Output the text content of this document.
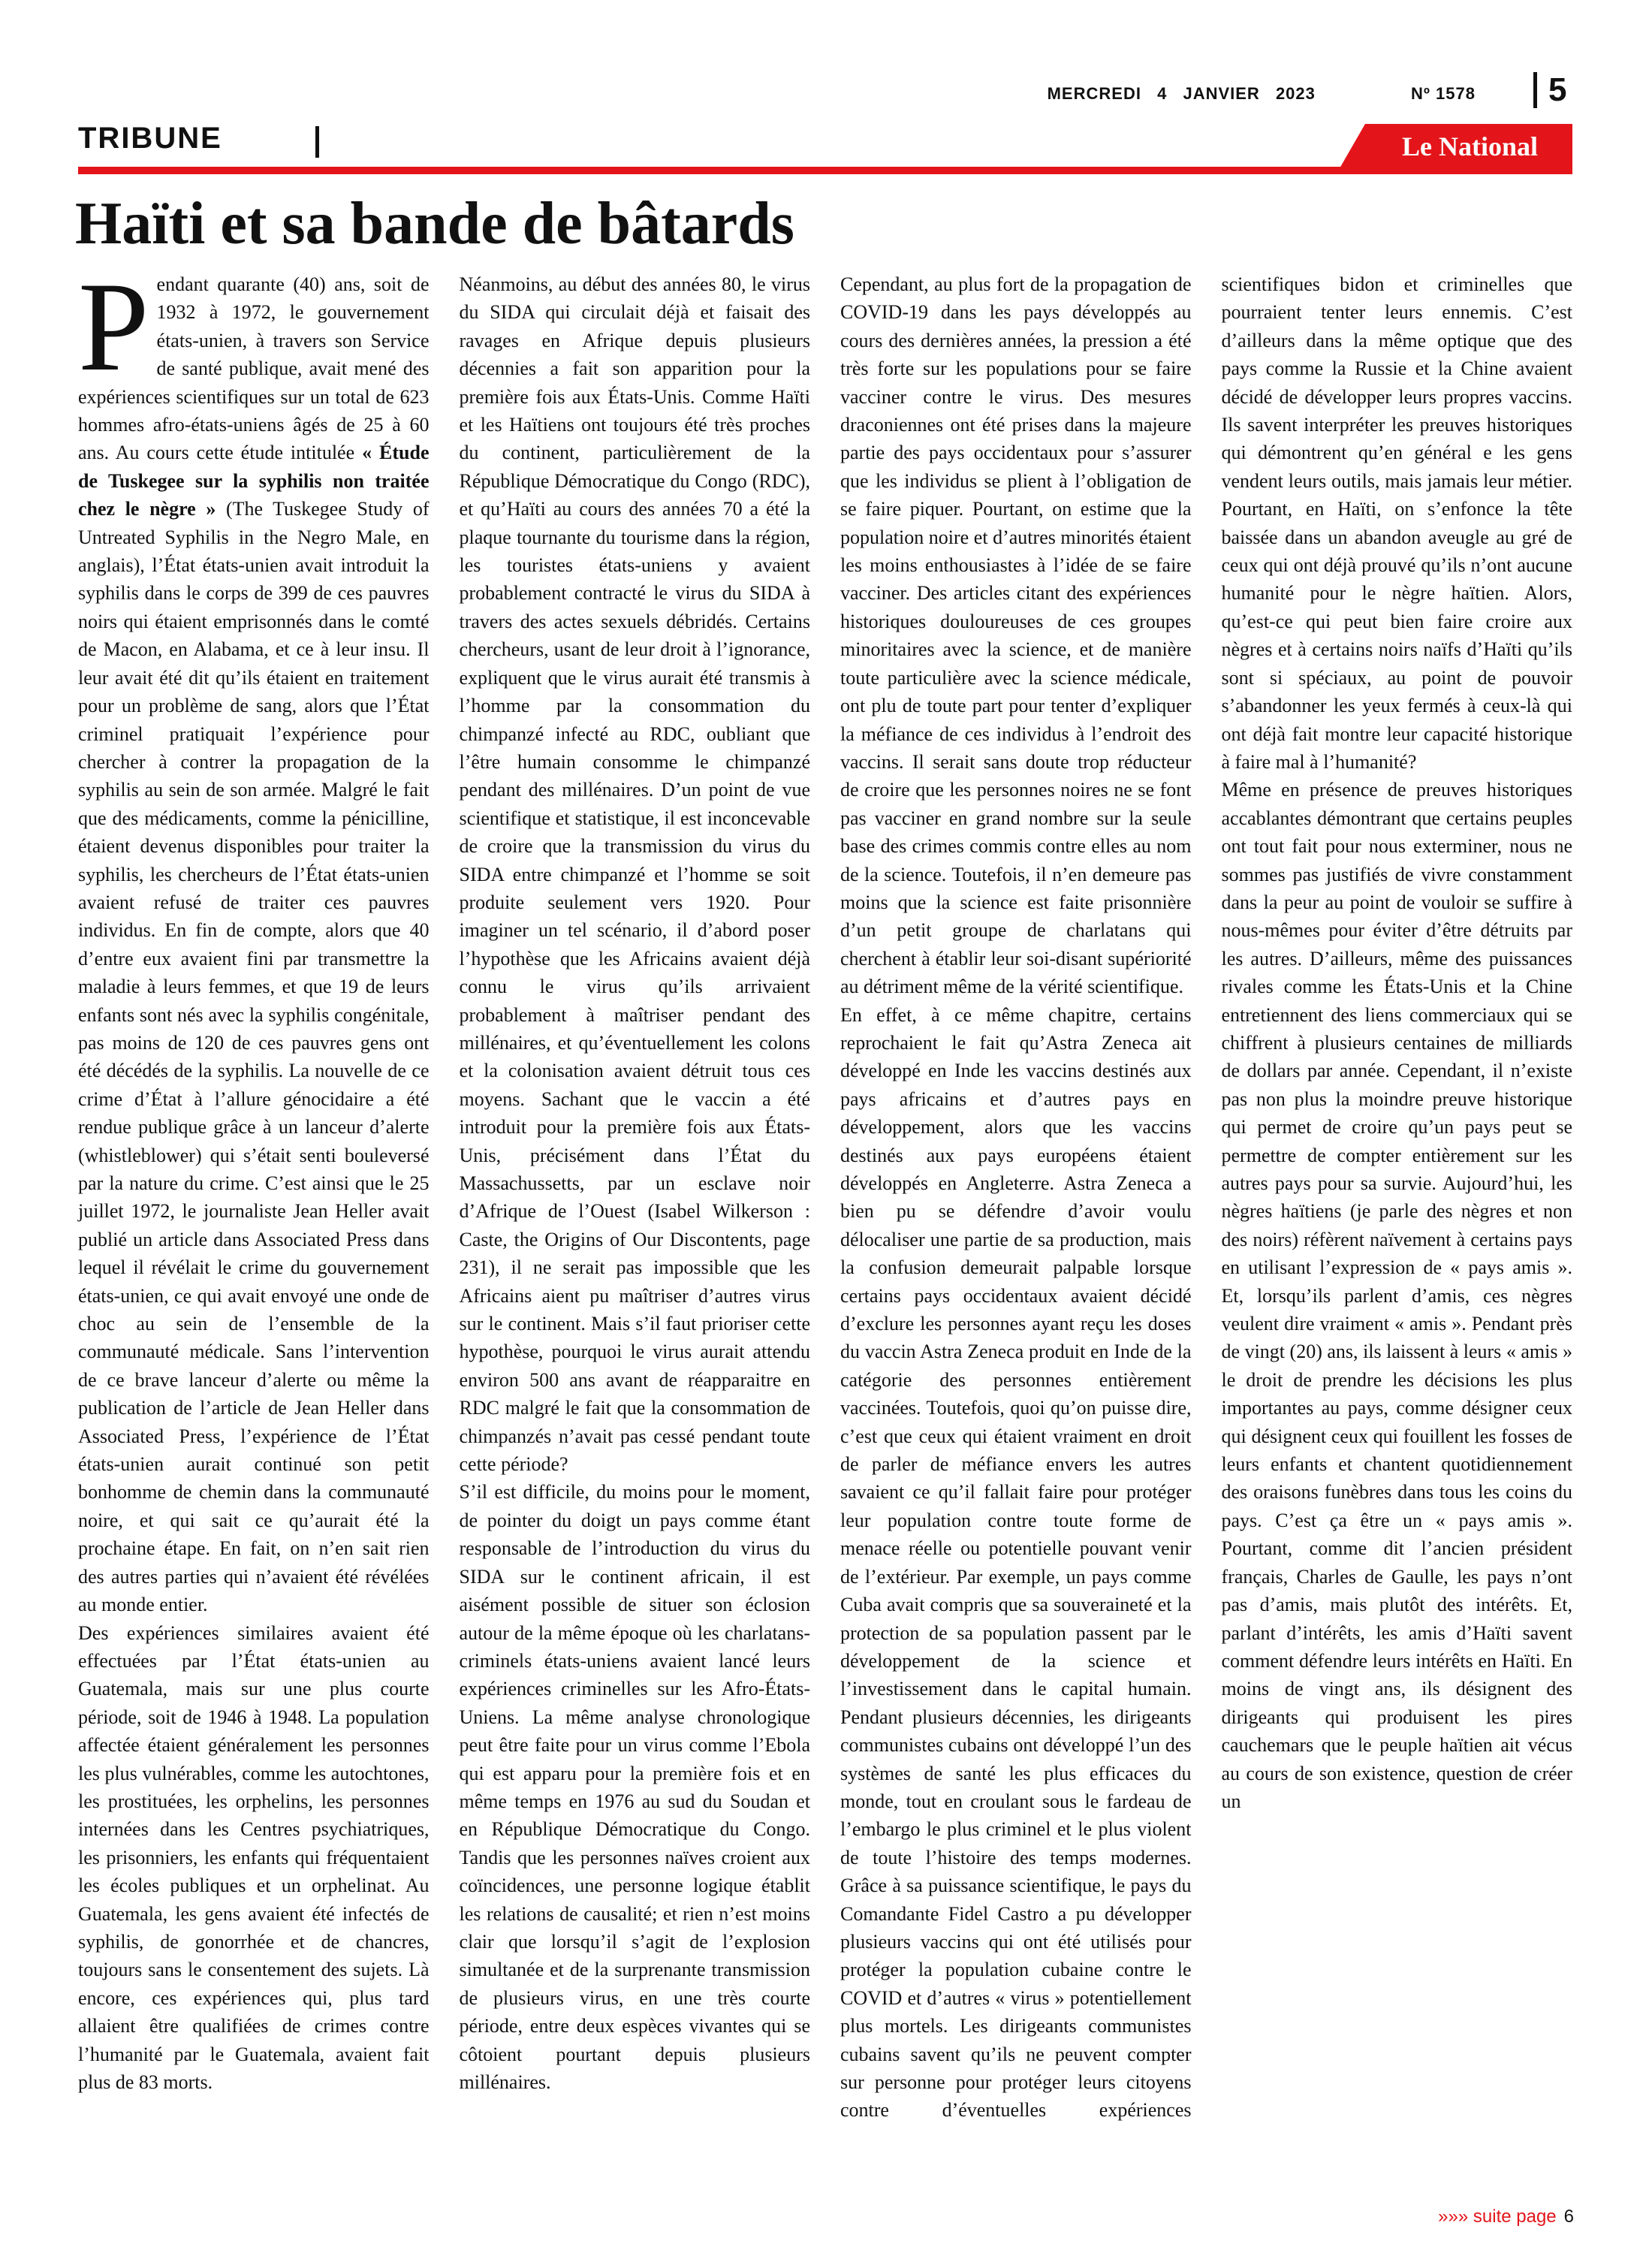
MERCREDI 4 JANVIER 2023	Nº 1578 5
TRIBUNE	Le National
Haïti et sa bande de bâtards

Pendant quarante (40) ans, soit de 1932 à 1972, le gouvernement états-unien, à travers son Service de santé publique, avait mené des expériences scientifiques sur un total de 623 hommes afro-états-uniens âgés de 25 à 60 ans. Au cours cette étude intitulée « Étude de Tuskegee sur la syphilis non traitée chez le nègre » (The Tuskegee Study of Untreated Syphilis in the Negro Male, en anglais), l’État états-unien avait introduit la syphilis dans le corps de 399 de ces pauvres noirs qui étaient emprisonnés dans le comté de Macon, en Alabama, et ce à leur insu. Il leur avait été dit qu’ils étaient en traitement pour un problème de sang, alors que l’État criminel pratiquait l’expérience pour chercher à contrer la propagation de la syphilis au sein de son armée. Malgré le fait que des médicaments, comme la pénicilline, étaient devenus disponibles pour traiter la syphilis, les chercheurs de l’État états-unien avaient refusé de traiter ces pauvres individus. En fin de compte, alors que 40 d’entre eux avaient fini par transmettre la maladie à leurs femmes, et que 19 de leurs enfants sont nés avec la syphilis congénitale, pas moins de 120 de ces pauvres gens ont été décédés de la syphilis. La nouvelle de ce crime d’État à l’allure génocidaire a été rendue publique grâce à un lanceur d’alerte (whistleblower) qui s’était senti bouleversé par la nature du crime. C’est ainsi que le 25 juillet 1972, le journaliste Jean Heller avait publié un article dans Associated Press dans lequel il révélait le crime du gouvernement états-unien, ce qui avait envoyé une onde de choc au sein de l’ensemble de la communauté médicale. Sans l’intervention de ce brave lanceur d’alerte ou même la publication de l’article de Jean Heller dans Associated Press, l’expérience de l’État états-unien aurait continué son petit bonhomme de chemin dans la communauté noire, et qui sait ce qu’aurait été la prochaine étape. En fait, on n’en sait rien des autres parties qui n’avaient été révélées au monde entier.

Des expériences similaires avaient été effectuées par l’État états-unien au Guatemala, mais sur une plus courte période, soit de 1946 à 1948. La population affectée étaient généralement les personnes les plus vulnérables, comme les autochtones, les prostituées, les orphelins, les personnes internées dans les Centres psychiatriques, les prisonniers, les enfants qui fréquentaient les écoles publiques et un orphelinat. Au Guatemala, les gens avaient été infectés de syphilis, de gonorrhée et de chancres, toujours sans le consentement des sujets. Là encore, ces expériences qui, plus tard allaient être qualifiées de crimes contre l’humanité par le Guatemala, avaient fait plus de 83 morts.

Néanmoins, au début des années 80, le virus du SIDA qui circulait déjà et faisait des ravages en Afrique depuis plusieurs décennies a fait son apparition pour la première fois aux États-Unis. Comme Haïti et les Haïtiens ont toujours été très proches du continent, particulièrement de la République Démocratique du Congo (RDC), et qu’Haïti au cours des années 70 a été la plaque tournante du tourisme dans la région, les touristes états-uniens y avaient probablement contracté le virus du SIDA à travers des actes sexuels débridés. Certains chercheurs, usant de leur droit à l’ignorance, expliquent que le virus aurait été transmis à l’homme par la consommation du chimpanzé infecté au RDC, oubliant que l’être humain consomme le chimpanzé pendant des millénaires. D’un point de vue scientifique et statistique, il est inconcevable de croire que la transmission du virus du SIDA entre chimpanzé et l’homme se soit produite seulement vers 1920. Pour imaginer un tel scénario, il d’abord poser l’hypothèse que les Africains avaient déjà connu le virus qu’ils arrivaient probablement à maîtriser pendant des millénaires, et qu’éventuellement les colons et la colonisation avaient détruit tous ces moyens. Sachant que le vaccin a été introduit pour la première fois aux États-Unis, précisément dans l’État du Massachussetts, par un esclave noir d’Afrique de l’Ouest (Isabel Wilkerson : Caste, the Origins of Our Discontents, page 231), il ne serait pas impossible que les Africains aient pu maîtriser d’autres virus sur le continent. Mais s’il faut prioriser cette hypothèse, pourquoi le virus aurait attendu environ 500 ans avant de réapparaitre en RDC malgré le fait que la consommation de chimpanzés n’avait pas cessé pendant toute cette période?

S’il est difficile, du moins pour le moment, de pointer du doigt un pays comme étant responsable de l’introduction du virus du SIDA sur le continent africain, il est aisément possible de situer son éclosion autour de la même époque où les charlatans-criminels états-uniens avaient lancé leurs expériences criminelles sur les Afro-États-Uniens. La même analyse chronologique peut être faite pour un virus comme l’Ebola qui est apparu pour la première fois et en même temps en 1976 au sud du Soudan et en République Démocratique du Congo. Tandis que les personnes naïves croient aux coïncidences, une personne logique établit les relations de causalité; et rien n’est moins clair que lorsqu’il s’agit de l’explosion simultanée et de la surprenante transmission de plusieurs virus, en une très courte période, entre deux espèces vivantes qui se côtoient pourtant depuis plusieurs millénaires.

Cependant, au plus fort de la propagation de COVID-19 dans les pays développés au cours des dernières années, la pression a été très forte sur les populations pour se faire vacciner contre le virus. Des mesures draconiennes ont été prises dans la majeure partie des pays occidentaux pour s’assurer que les individus se plient à l’obligation de se faire piquer. Pourtant, on estime que la population noire et d’autres minorités étaient les moins enthousiastes à l’idée de se faire vacciner. Des articles citant des expériences historiques douloureuses de ces groupes minoritaires avec la science, et de manière toute particulière avec la science médicale, ont plu de toute part pour tenter d’expliquer la méfiance de ces individus à l’endroit des vaccins. Il serait sans doute trop réducteur de croire que les personnes noires ne se font pas vacciner en grand nombre sur la seule base des crimes commis contre elles au nom de la science. Toutefois, il n’en demeure pas moins que la science est faite prisonnière d’un petit groupe de charlatans qui cherchent à établir leur soi-disant supériorité au détriment même de la vérité scientifique.

En effet, à ce même chapitre, certains reprochaient le fait qu’Astra Zeneca ait développé en Inde les vaccins destinés aux pays africains et d’autres pays en développement, alors que les vaccins destinés aux pays européens étaient développés en Angleterre. Astra Zeneca a bien pu se défendre d’avoir voulu délocaliser une partie de sa production, mais la confusion demeurait palpable lorsque certains pays occidentaux avaient décidé d’exclure les personnes ayant reçu les doses du vaccin Astra Zeneca produit en Inde de la catégorie des personnes entièrement vaccinées. Toutefois, quoi qu’on puisse dire, c’est que ceux qui étaient vraiment en droit de parler de méfiance envers les autres savaient ce qu’il fallait faire pour protéger leur population contre toute forme de menace réelle ou potentielle pouvant venir de l’extérieur. Par exemple, un pays comme Cuba avait compris que sa souveraineté et la protection de sa population passent par le développement de la science et l’investissement dans le capital humain. Pendant plusieurs décennies, les dirigeants communistes cubains ont développé l’un des systèmes de santé les plus efficaces du monde, tout en croulant sous le fardeau de l’embargo le plus criminel et le plus violent de toute l’histoire des temps modernes. Grâce à sa puissance scientifique, le pays du Comandante Fidel Castro a pu développer plusieurs vaccins qui ont été utilisés pour protéger la population cubaine contre le COVID et d’autres « virus » potentiellement plus mortels. Les dirigeants communistes cubains savent qu’ils ne peuvent compter sur personne pour protéger leurs citoyens contre d’éventuelles expériences scientifiques bidon et criminelles que pourraient tenter leurs ennemis. C’est d’ailleurs dans la même optique que des pays comme la Russie et la Chine avaient décidé de développer leurs propres vaccins. Ils savent interpréter les preuves historiques qui démontrent qu’en général e les gens vendent leurs outils, mais jamais leur métier. Pourtant, en Haïti, on s’enfonce la tête baissée dans un abandon aveugle au gré de ceux qui ont déjà prouvé qu’ils n’ont aucune humanité pour le nègre haïtien. Alors, qu’est-ce qui peut bien faire croire aux nègres et à certains noirs naïfs d’Haïti qu’ils sont si spéciaux, au point de pouvoir s’abandonner les yeux fermés à ceux-là qui ont déjà fait montre leur capacité historique à faire mal à l’humanité?

Même en présence de preuves historiques accablantes démontrant que certains peuples ont tout fait pour nous exterminer, nous ne sommes pas justifiés de vivre constamment dans la peur au point de vouloir se suffire à nous-mêmes pour éviter d’être détruits par les autres. D’ailleurs, même des puissances rivales comme les États-Unis et la Chine entretiennent des liens commerciaux qui se chiffrent à plusieurs centaines de milliards de dollars par année. Cependant, il n’existe pas non plus la moindre preuve historique qui permet de croire qu’un pays peut se permettre de compter entièrement sur les autres pays pour sa survie. Aujourd’hui, les nègres haïtiens (je parle des nègres et non des noirs) réfèrent naïvement à certains pays en utilisant l’expression de « pays amis ». Et, lorsqu’ils parlent d’amis, ces nègres veulent dire vraiment « amis ». Pendant près de vingt (20) ans, ils laissent à leurs « amis » le droit de prendre les décisions les plus importantes au pays, comme désigner ceux qui désignent ceux qui fouillent les fosses de leurs enfants et chantent quotidiennement des oraisons funèbres dans tous les coins du pays. C’est ça être un « pays amis ». Pourtant, comme dit l’ancien président français, Charles de Gaulle, les pays n’ont pas d’amis, mais plutôt des intérêts. Et, parlant d’intérêts, les amis d’Haïti savent comment défendre leurs intérêts en Haïti. En moins de vingt ans, ils désignent des dirigeants qui produisent les pires cauchemars que le peuple haïtien ait vécus au cours de son existence, question de créer un

»»» suite page 6
